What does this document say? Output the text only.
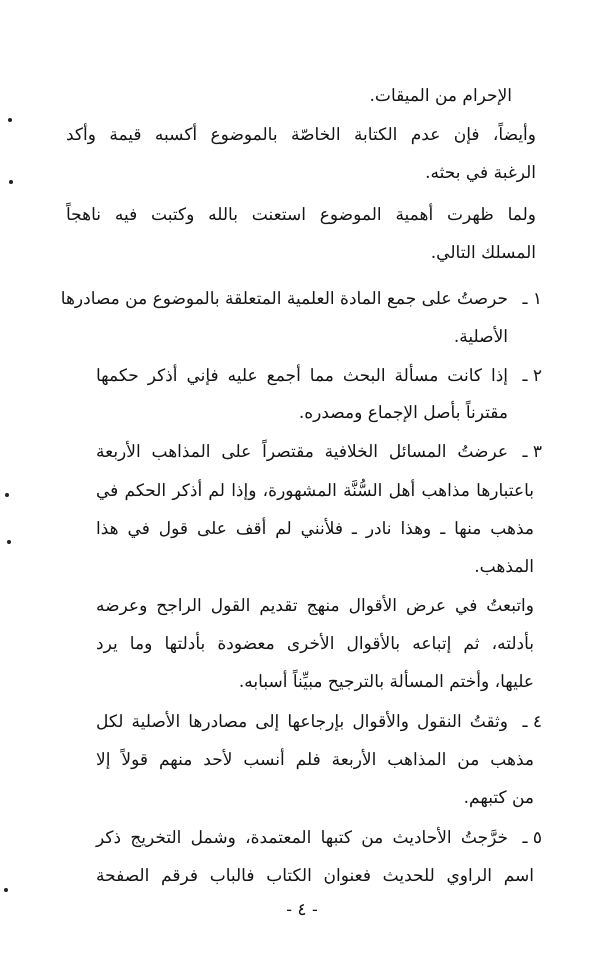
الإحرام من الميقات.
وأيضاً، فإن عدم الكتابة الخاصّة بالموضوع أكسبه قيمة وأكد
الرغبة في بحثه.
ولما ظهرت أهمية الموضوع استعنت بالله وكتبت فيه ناهجاً
المسلك التالي.
١ ـ
حرصتُ على جمع المادة العلمية المتعلقة بالموضوع من مصادرها
الأصلية.
٢ ـ
إذا كانت مسألة البحث مما أجمع عليه فإني أذكر حكمها
مقترناً بأصل الإجماع ومصدره.
٣ ـ
عرضتُ المسائل الخلافية مقتصراً على المذاهب الأربعة
باعتبارها مذاهب أهل السُّنَّة المشهورة، وإذا لم أذكر الحكم في
مذهب منها ـ وهذا نادر ـ فلأنني لم أقف على قول في هذا
المذهب.
واتبعتُ في عرض الأقوال منهج تقديم القول الراجح وعرضه
بأدلته، ثم إتباعه بالأقوال الأخرى معضودة بأدلتها وما يرد
عليها، وأختم المسألة بالترجيح مبيِّناً أسبابه.
٤ ـ
وثقتُ النقول والأقوال بإرجاعها إلى مصادرها الأصلية لكل
مذهب من المذاهب الأربعة فلم أنسب لأحد منهم قولاً إلا
من كتبهم.
٥ ـ
خرَّجتُ الأحاديث من كتبها المعتمدة، وشمل التخريج ذكر
اسم الراوي للحديث فعنوان الكتاب فالباب فرقم الصفحة
- ٤ -
